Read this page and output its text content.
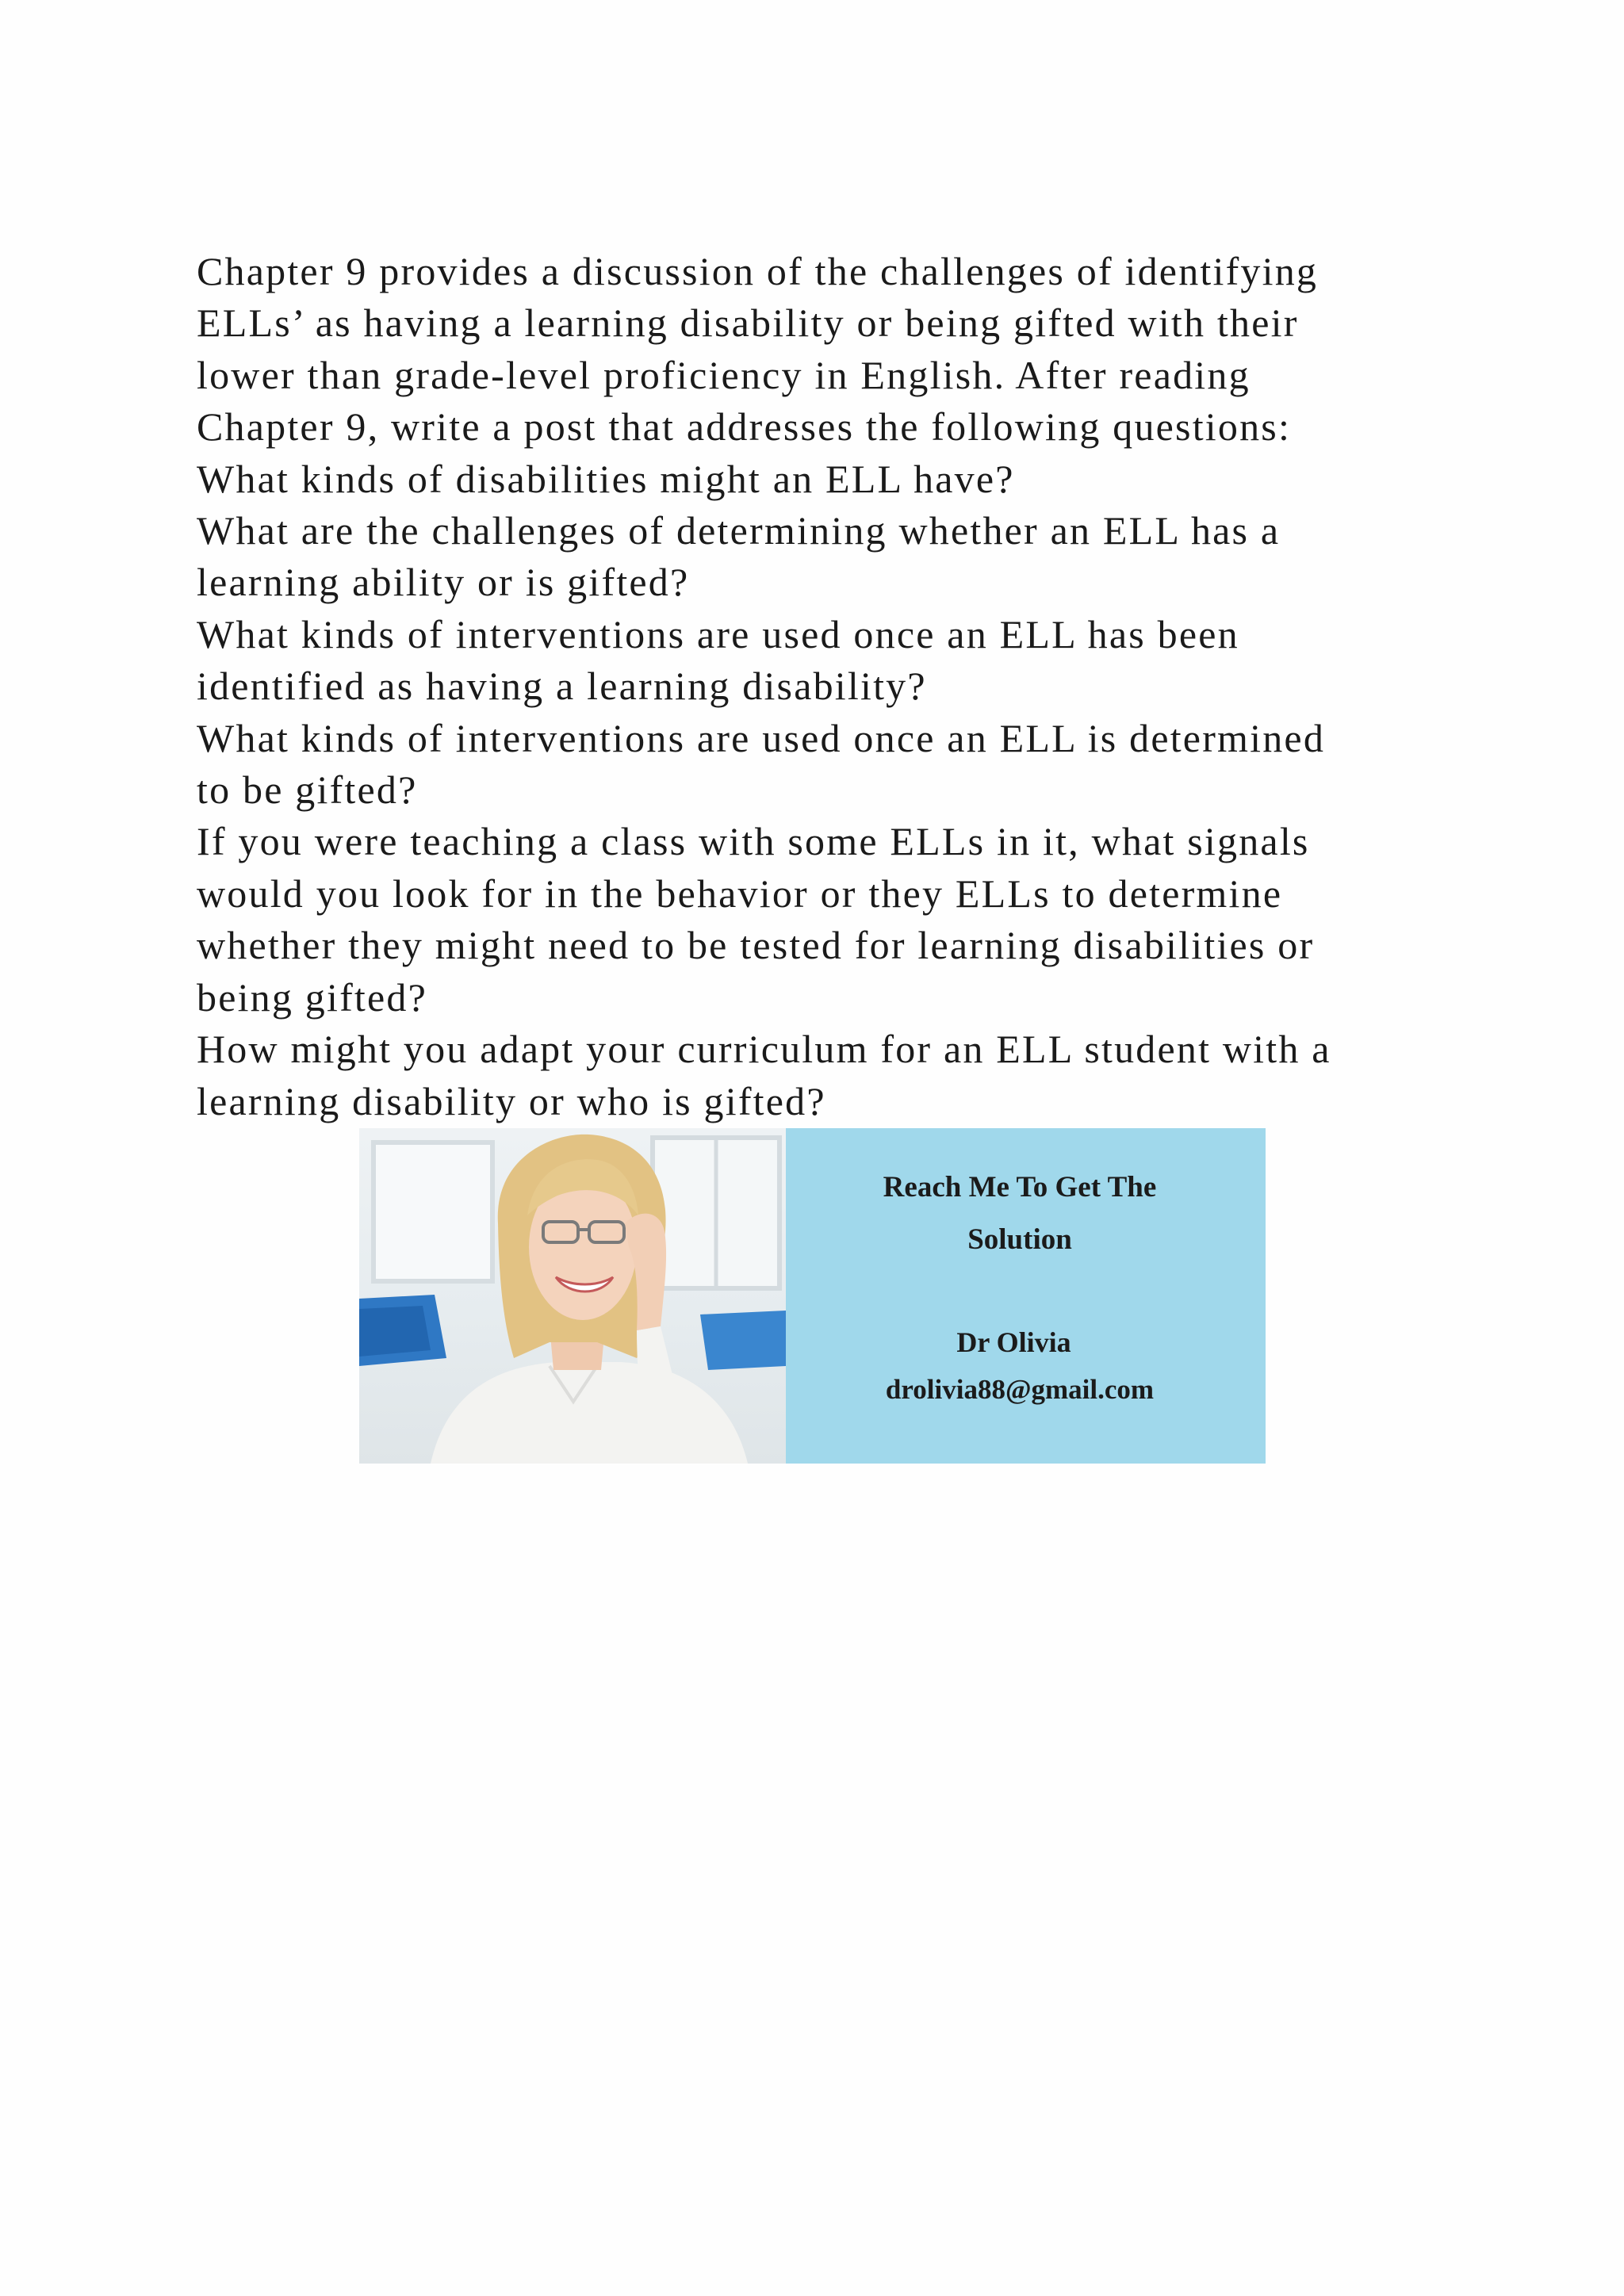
Chapter 9 provides a discussion of the challenges of identifying
ELLs’ as having a learning disability or being gifted with their
lower than grade-level proficiency in English. After reading
Chapter 9, write a post that addresses the following questions:
What kinds of disabilities might an ELL have?
What are the challenges of determining whether an ELL has a
learning ability or is gifted?
What kinds of interventions are used once an ELL has been
identified as having a learning disability?
What kinds of interventions are used once an ELL is determined
to be gifted?
If you were teaching a class with some ELLs in it, what signals
would you look for in the behavior or they ELLs to determine
whether they might need to be tested for learning disabilities or
being gifted?
How might you adapt your curriculum for an ELL student with a
learning disability or who is gifted?

Reach Me To Get The
Solution

Dr Olivia

drolivia88@gmail.com
